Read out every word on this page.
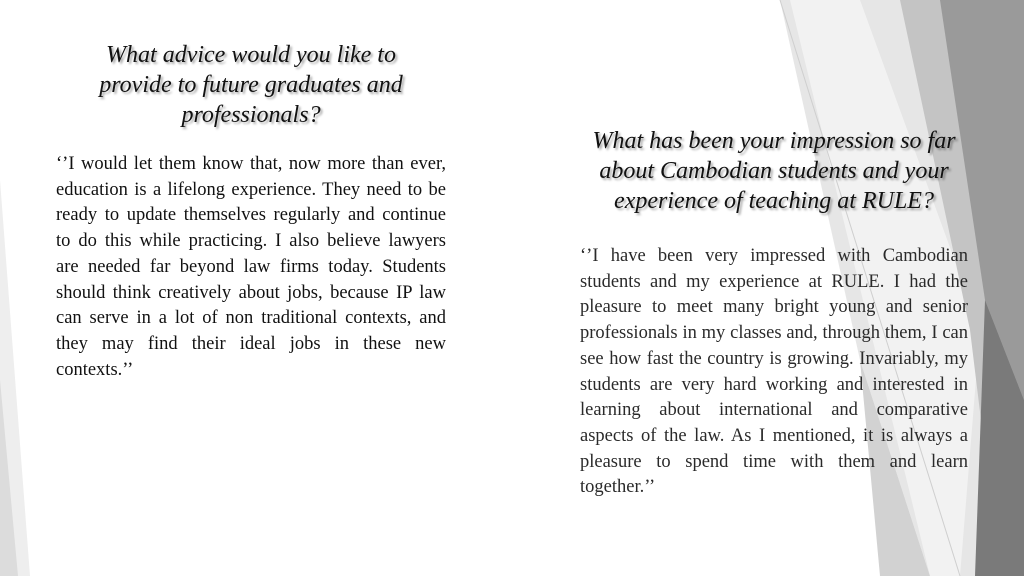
What advice would you like to provide to future graduates and professionals?

‘’I would let them know that, now more than ever, education is a lifelong experience. They need to be ready to update themselves regularly and continue to do this while practicing. I also believe lawyers are needed far beyond law firms today. Students should think creatively about jobs, because IP law can serve in a lot of non traditional contexts, and they may find their ideal jobs in these new contexts.’’

What has been your impression so far about Cambodian students and your experience of teaching at RULE?

‘’I have been very impressed with Cambodian students and my experience at RULE. I had the pleasure to meet many bright young and senior professionals in my classes and, through them, I can see how fast the country is growing. Invariably, my students are very hard working and interested in learning about international and comparative aspects of the law. As I mentioned, it is always a pleasure to spend time with them and learn together.’’
